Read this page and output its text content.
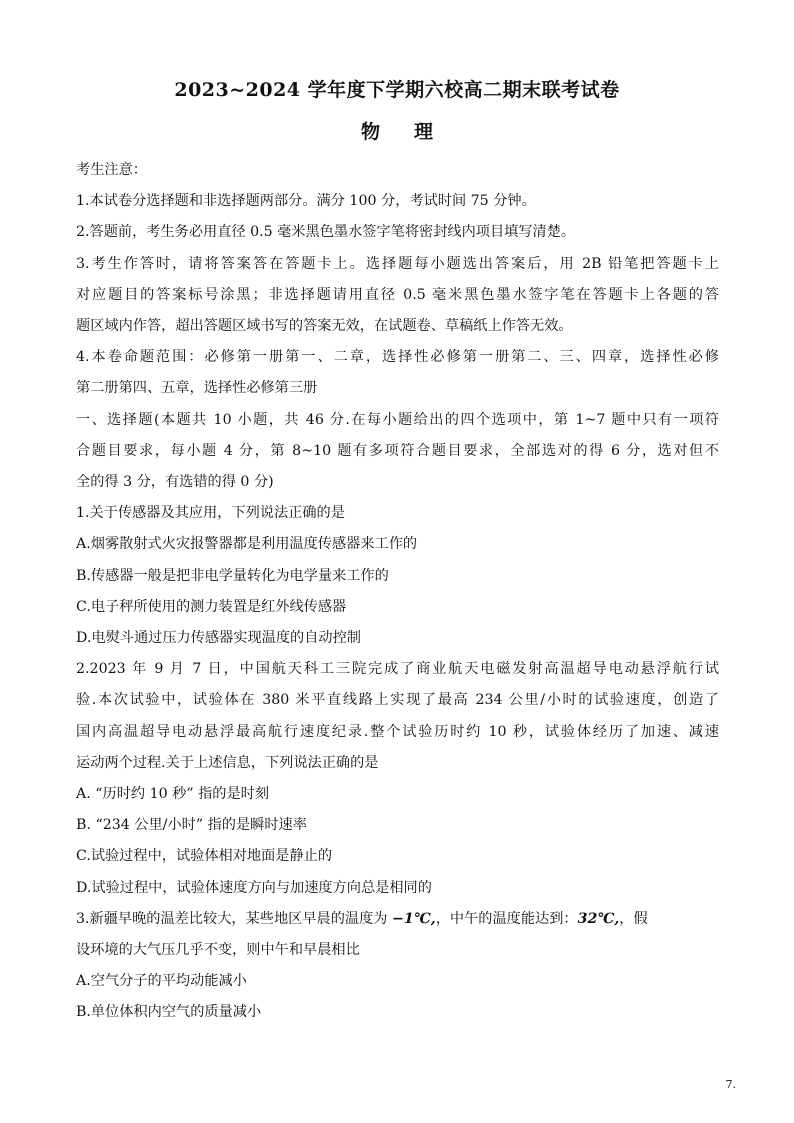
2023~2024 学年度下学期六校高二期末联考试卷
物 理

考生注意：

1.本试卷分选择题和非选择题两部分。满分 100 分，考试时间 75 分钟。

2.答题前，考生务必用直径 0.5 毫米黑色墨水签字笔将密封线内项目填写清楚。

3.考生作答时，请将答案答在答题卡上。选择题每小题选出答案后，用 2B 铅笔把答题卡上

对应题目的答案标号涂黑；非选择题请用直径 0.5 毫米黑色墨水签字笔在答题卡上各题的答

题区域内作答，超出答题区域书写的答案无效，在试题卷、草稿纸上作答无效。

4.本卷命题范围：必修第一册第一、二章，选择性必修第一册第二、三、四章，选择性必修

第二册第四、五章，选择性必修第三册

一、选择题(本题共 10 小题，共 46 分.在每小题给出的四个选项中，第 1~7 题中只有一项符

合题目要求，每小题 4 分，第 8~10 题有多项符合题目要求，全部选对的得 6 分，选对但不

全的得 3 分，有选错的得 0 分)

1.关于传感器及其应用，下列说法正确的是

A.烟雾散射式火灾报警器都是利用温度传感器来工作的

B.传感器一般是把非电学量转化为电学量来工作的

C.电子秤所使用的测力装置是红外线传感器

D.电熨斗通过压力传感器实现温度的自动控制

2.2023 年 9 月 7 日，中国航天科工三院完成了商业航天电磁发射高温超导电动悬浮航行试

验.本次试验中，试验体在 380 米平直线路上实现了最高 234 公里/小时的试验速度，创造了

国内高温超导电动悬浮最高航行速度纪录.整个试验历时约 10 秒，试验体经历了加速、减速

运动两个过程.关于上述信息，下列说法正确的是

A. “历时约 10 秒” 指的是时刻

B. “234 公里/小时” 指的是瞬时速率

C.试验过程中，试验体相对地面是静止的

D.试验过程中，试验体速度方向与加速度方向总是相同的

3.新疆早晚的温差比较大，某些地区早晨的温度为 −1℃,，中午的温度能达到：32℃,，假

设环境的大气压几乎不变，则中午和早晨相比

A.空气分子的平均动能减小

B.单位体积内空气的质量减小

7.
